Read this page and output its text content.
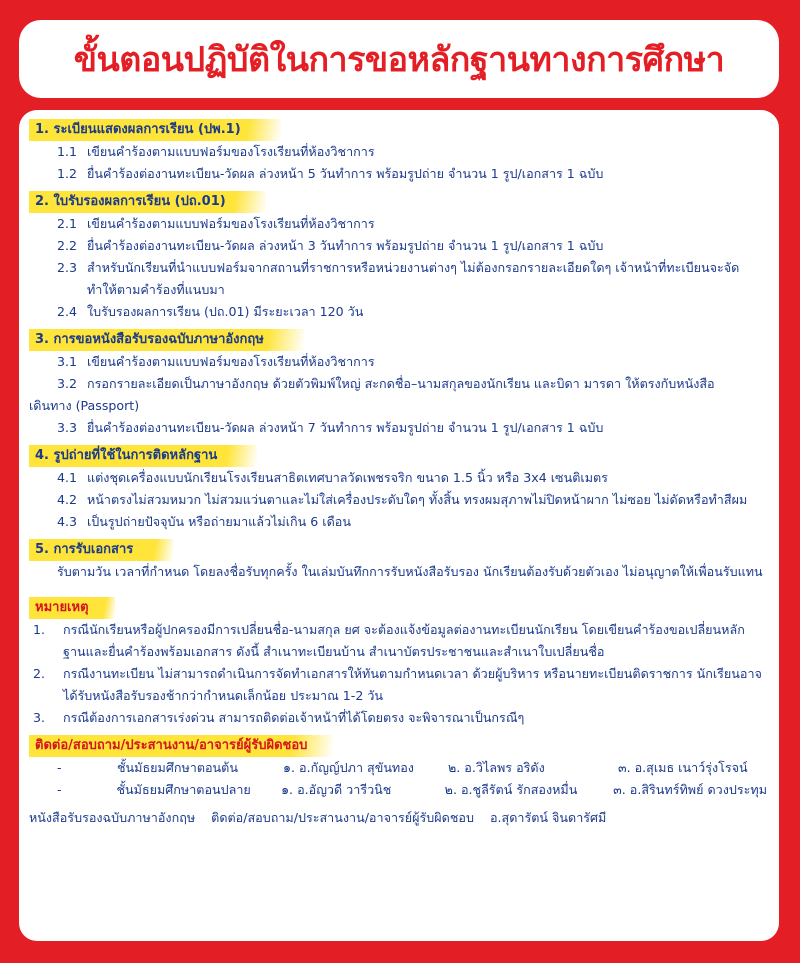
ขั้นตอนปฏิบัติในการขอหลักฐานทางการศึกษา
1. ระเบียนแสดงผลการเรียน (ปพ.1)
1.1 เขียนคำร้องตามแบบฟอร์มของโรงเรียนที่ห้องวิชาการ
1.2 ยื่นคำร้องต่องานทะเบียน-วัดผล ล่วงหน้า 5 วันทำการ พร้อมรูปถ่าย จำนวน 1 รูป/เอกสาร 1 ฉบับ
2. ใบรับรองผลการเรียน (ปถ.01)
2.1 เขียนคำร้องตามแบบฟอร์มของโรงเรียนที่ห้องวิชาการ
2.2 ยื่นคำร้องต่องานทะเบียน-วัดผล ล่วงหน้า 3 วันทำการ พร้อมรูปถ่าย จำนวน 1 รูป/เอกสาร 1 ฉบับ
2.3 สำหรับนักเรียนที่นำแบบฟอร์มจากสถานที่ราชการหรือหน่วยงานต่างๆ ไม่ต้องกรอกรายละเอียดใดๆ เจ้าหน้าที่ทะเบียนจะจัดทำให้ตามคำร้องที่แนบมา
2.4 ใบรับรองผลการเรียน (ปถ.01) มีระยะเวลา 120 วัน
3. การขอหนังสือรับรองฉบับภาษาอังกฤษ
3.1 เขียนคำร้องตามแบบฟอร์มของโรงเรียนที่ห้องวิชาการ
3.2 กรอกรายละเอียดเป็นภาษาอังกฤษ ด้วยตัวพิมพ์ใหญ่ สะกดชื่อ–นามสกุลของนักเรียน และบิดา มารดา ให้ตรงกับหนังสือ
เดินทาง (Passport)
3.3 ยื่นคำร้องต่องานทะเบียน-วัดผล ล่วงหน้า 7 วันทำการ พร้อมรูปถ่าย จำนวน 1 รูป/เอกสาร 1 ฉบับ
4. รูปถ่ายที่ใช้ในการติดหลักฐาน
4.1 แต่งชุดเครื่องแบบนักเรียนโรงเรียนสาธิตเทศบาลวัดเพชรจริก ขนาด 1.5 นิ้ว หรือ 3x4 เซนติเมตร
4.2 หน้าตรงไม่สวมหมวก ไม่สวมแว่นตาและไม่ใส่เครื่องประดับใดๆ ทั้งสิ้น ทรงผมสุภาพไม่ปิดหน้าผาก ไม่ซอย ไม่ดัดหรือทำสีผม
4.3 เป็นรูปถ่ายปัจจุบัน หรือถ่ายมาแล้วไม่เกิน 6 เดือน
5. การรับเอกสาร
รับตามวัน เวลาที่กำหนด โดยลงชื่อรับทุกครั้ง ในเล่มบันทึกการรับหนังสือรับรอง นักเรียนต้องรับด้วยตัวเอง ไม่อนุญาตให้เพื่อนรับแทน
หมายเหตุ
1.	กรณีนักเรียนหรือผู้ปกครองมีการเปลี่ยนชื่อ-นามสกุล ยศ จะต้องแจ้งข้อมูลต่องานทะเบียนนักเรียน โดยเขียนคำร้องขอเปลี่ยนหลักฐานและยื่นคำร้องพร้อมเอกสาร ดังนี้ สำเนาทะเบียนบ้าน สำเนาบัตรประชาชนและสำเนาใบเปลี่ยนชื่อ
2.	กรณีงานทะเบียน ไม่สามารถดำเนินการจัดทำเอกสารให้ทันตามกำหนดเวลา ด้วยผู้บริหาร หรือนายทะเบียนติดราชการ นักเรียนอาจได้รับหนังสือรับรองช้ากว่ากำหนดเล็กน้อย ประมาณ 1-2 วัน
3.	กรณีต้องการเอกสารเร่งด่วน สามารถติดต่อเจ้าหน้าที่ได้โดยตรง จะพิจารณาเป็นกรณีๆ
ติดต่อ/สอบถาม/ประสานงาน/อาจารย์ผู้รับผิดชอบ
-	ชั้นมัธยมศึกษาตอนต้น	๑. อ.กัญญ์ปภา สุขันทอง	๒. อ.วิไลพร อริดัง	๓. อ.สุเมธ เนาว์รุ่งโรจน์
-	ชั้นมัธยมศึกษาตอนปลาย	๑. อ.อัญวดี วารีวนิช	๒. อ.ชูลีรัตน์ รักสองหมื่น	๓. อ.สิรินทร์ทิพย์ ดวงประทุม
หนังสือรับรองฉบับภาษาอังกฤษ ติดต่อ/สอบถาม/ประสานงาน/อาจารย์ผู้รับผิดชอบ อ.สุดารัตน์ จินดารัศมี
